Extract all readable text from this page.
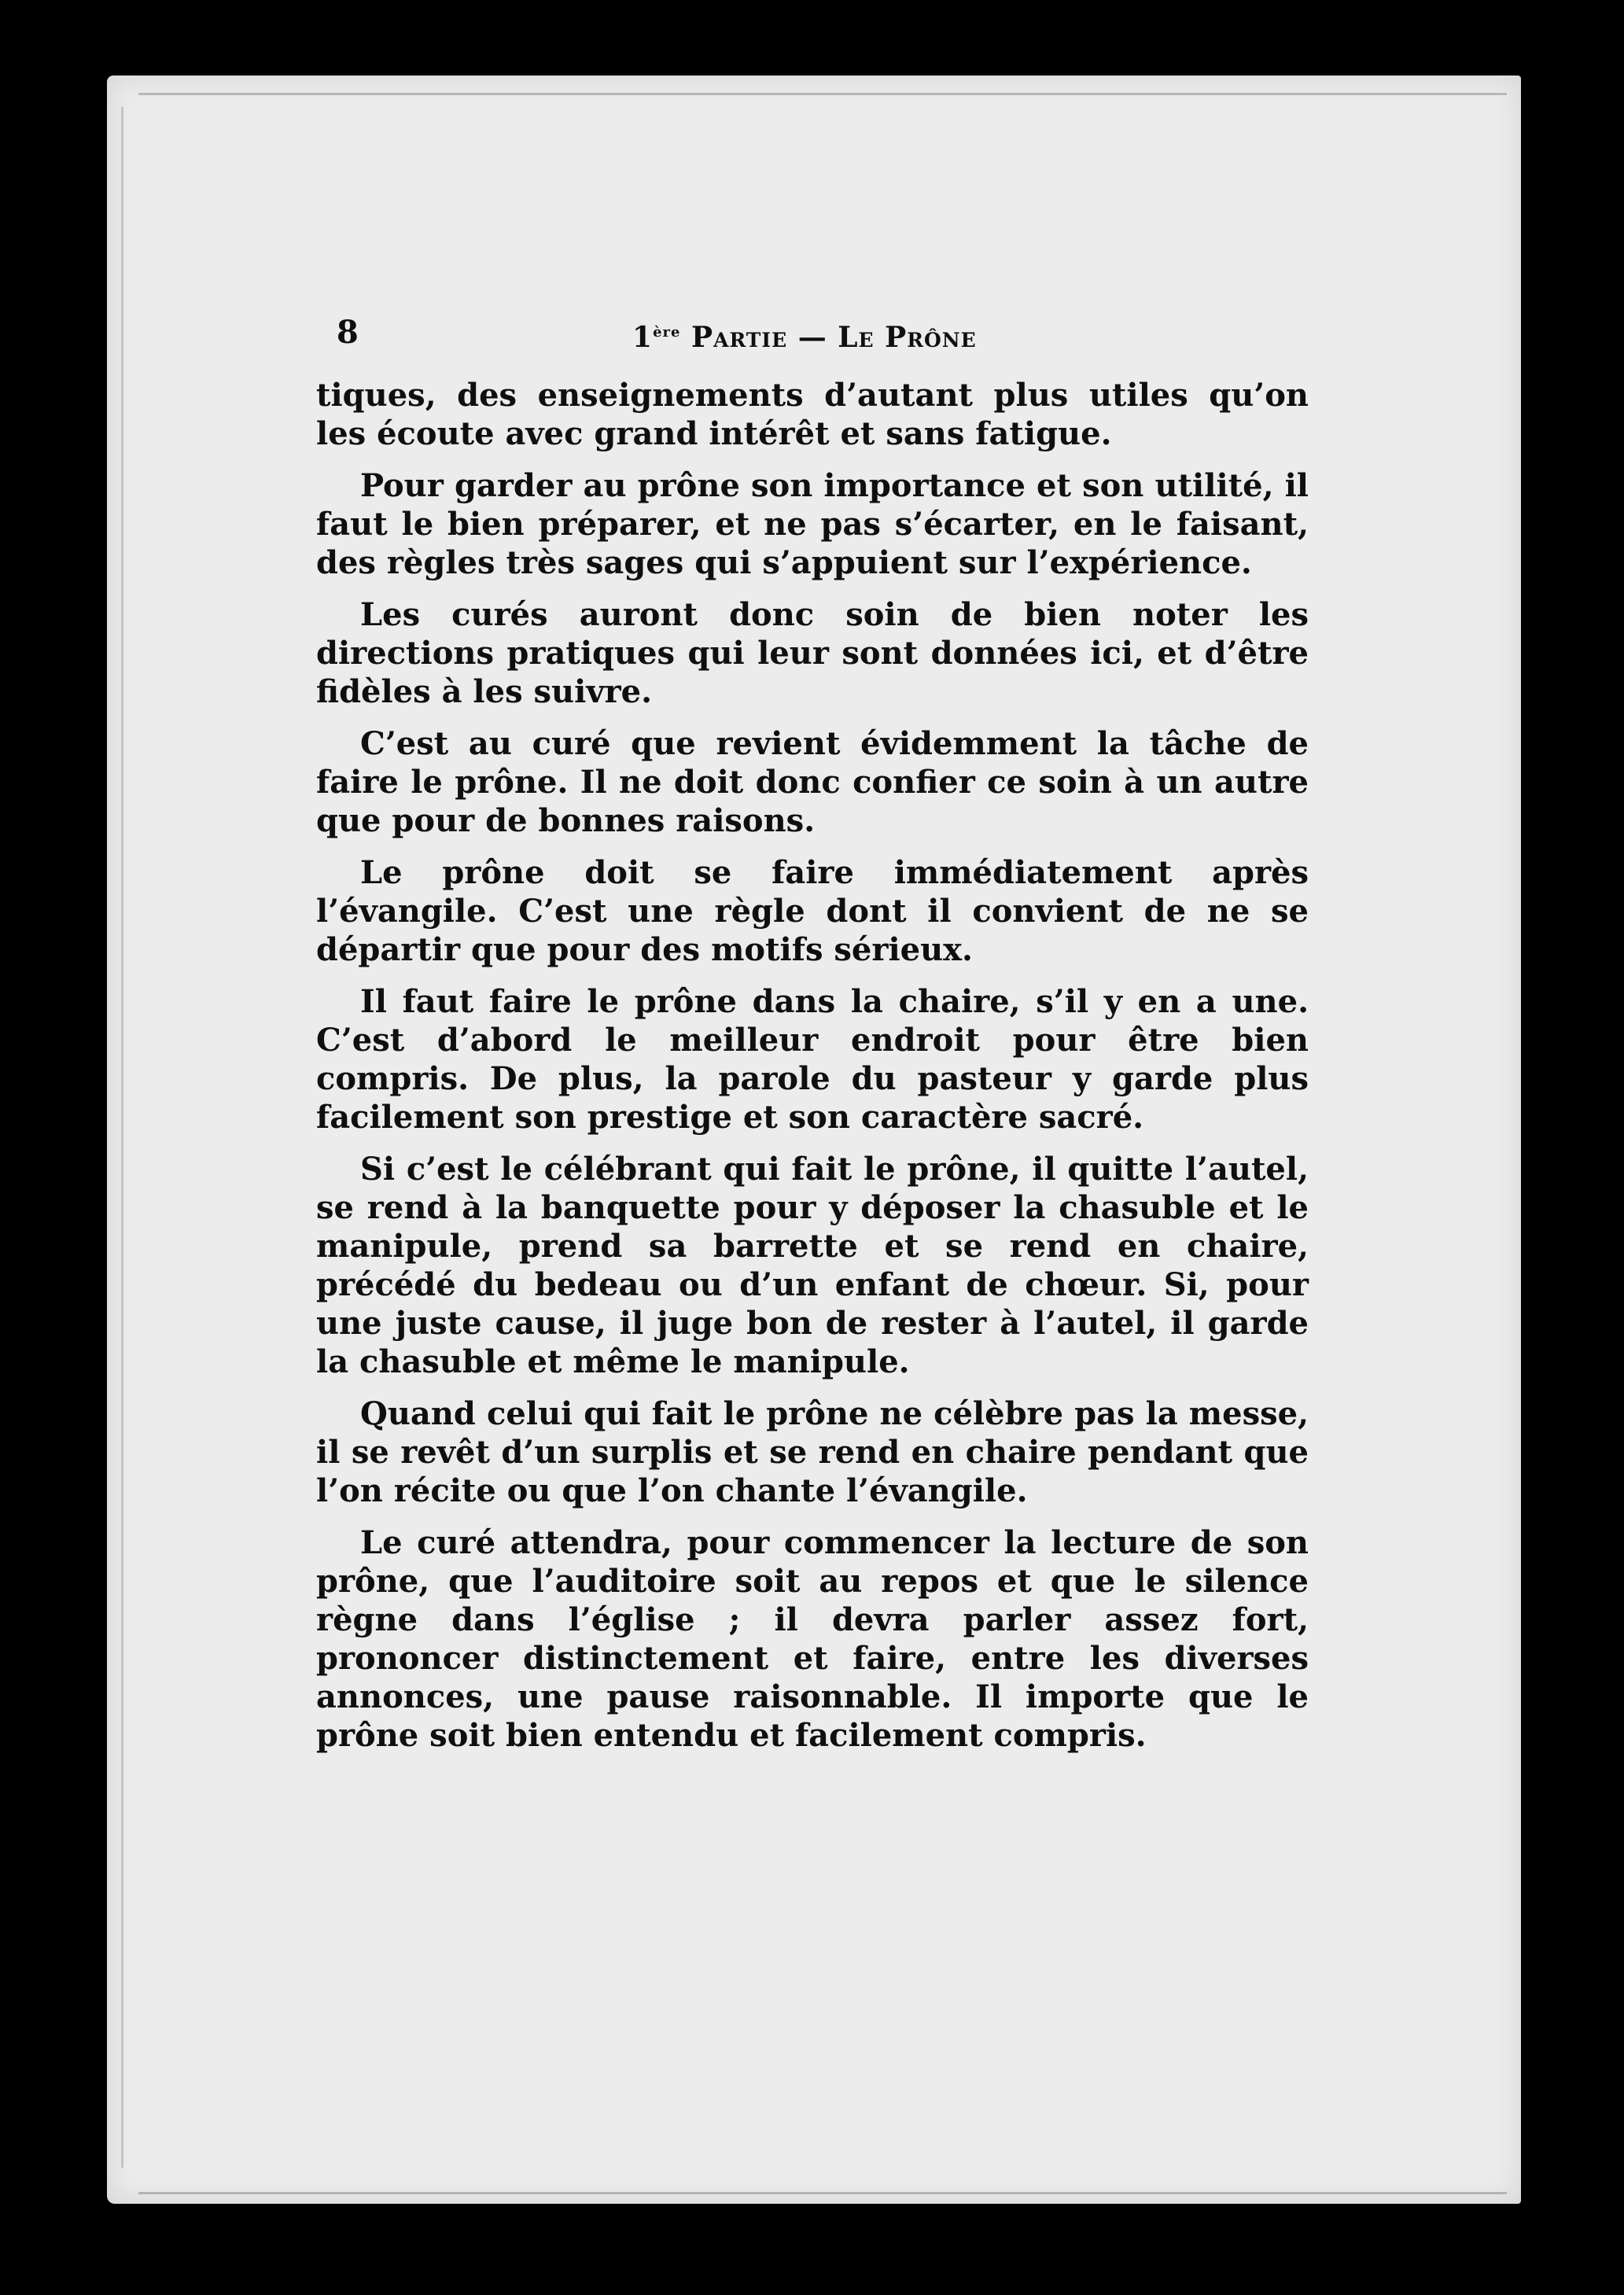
8	1ère Partie — Le Prône

tiques, des enseignements d’autant plus utiles qu’on les écoute avec grand intérêt et sans fatigue.

Pour garder au prône son importance et son utilité, il faut le bien préparer, et ne pas s’écarter, en le faisant, des règles très sages qui s’appuient sur l’expérience.

Les curés auront donc soin de bien noter les directions pratiques qui leur sont données ici, et d’être fidèles à les suivre.

C’est au curé que revient évidemment la tâche de faire le prône. Il ne doit donc confier ce soin à un autre que pour de bonnes raisons.

Le prône doit se faire immédiatement après l’évangile. C’est une règle dont il convient de ne se départir que pour des motifs sérieux.

Il faut faire le prône dans la chaire, s’il y en a une. C’est d’abord le meilleur endroit pour être bien compris. De plus, la parole du pasteur y garde plus facilement son prestige et son caractère sacré.

Si c’est le célébrant qui fait le prône, il quitte l’autel, se rend à la banquette pour y déposer la chasuble et le manipule, prend sa barrette et se rend en chaire, précédé du bedeau ou d’un enfant de chœur. Si, pour une juste cause, il juge bon de rester à l’autel, il garde la chasuble et même le manipule.

Quand celui qui fait le prône ne célèbre pas la messe, il se revêt d’un surplis et se rend en chaire pendant que l’on récite ou que l’on chante l’évangile.

Le curé attendra, pour commencer la lecture de son prône, que l’auditoire soit au repos et que le silence règne dans l’église ; il devra parler assez fort, prononcer distinctement et faire, entre les diverses annonces, une pause raisonnable. Il importe que le prône soit bien entendu et facilement compris.
